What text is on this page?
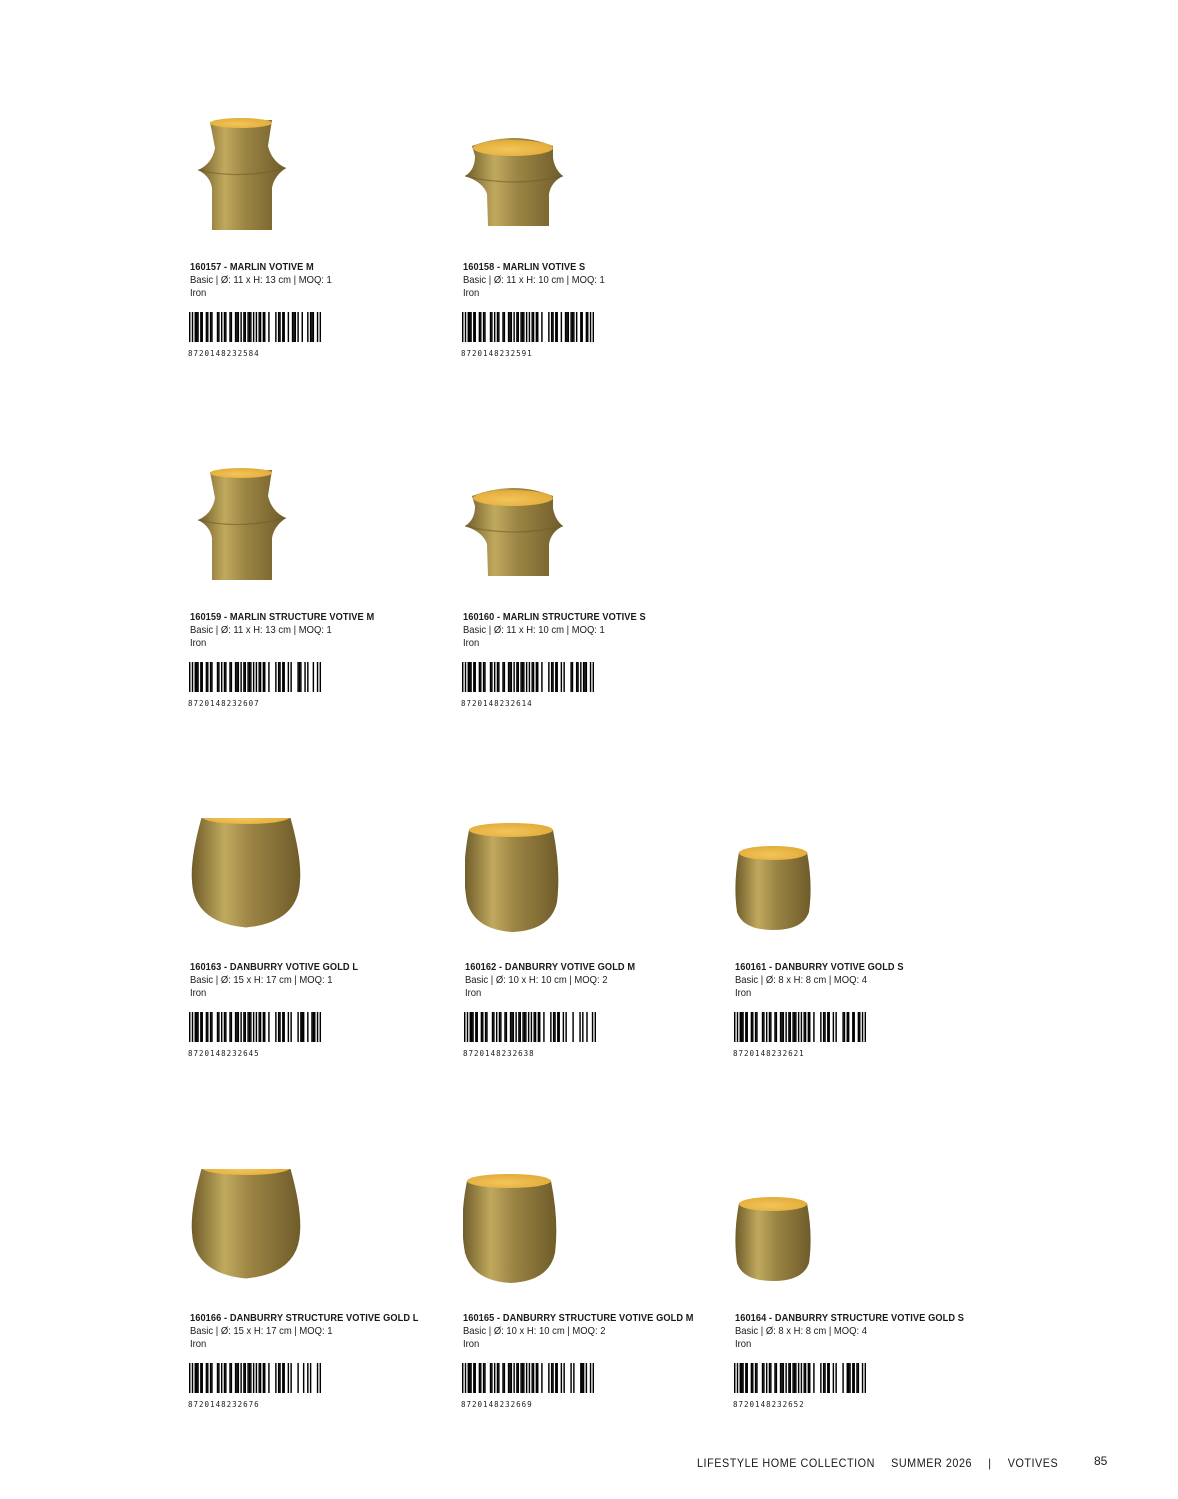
160157 - MARLIN VOTIVE M
Basic | Ø: 11 x H: 13 cm | MOQ: 1
Iron
8720148232584
160158 - MARLIN VOTIVE S
Basic | Ø: 11 x H: 10 cm | MOQ: 1
Iron
8720148232591
160159 - MARLIN STRUCTURE VOTIVE M
Basic | Ø: 11 x H: 13 cm | MOQ: 1
Iron
8720148232607
160160 - MARLIN STRUCTURE VOTIVE S
Basic | Ø: 11 x H: 10 cm | MOQ: 1
Iron
8720148232614
160163 - DANBURRY VOTIVE GOLD L
Basic | Ø: 15 x H: 17 cm | MOQ: 1
Iron
8720148232645
160162 - DANBURRY VOTIVE GOLD M
Basic | Ø: 10 x H: 10 cm | MOQ: 2
Iron
8720148232638
160161 - DANBURRY VOTIVE GOLD S
Basic | Ø: 8 x H: 8 cm | MOQ: 4
Iron
8720148232621
160166 - DANBURRY STRUCTURE VOTIVE GOLD L
Basic | Ø: 15 x H: 17 cm | MOQ: 1
Iron
8720148232676
160165 - DANBURRY STRUCTURE VOTIVE GOLD M
Basic | Ø: 10 x H: 10 cm | MOQ: 2
Iron
8720148232669
160164 - DANBURRY STRUCTURE VOTIVE GOLD S
Basic | Ø: 8 x H: 8 cm | MOQ: 4
Iron
8720148232652
LIFESTYLE HOME COLLECTION SUMMER 2026 | VOTIVES	85
